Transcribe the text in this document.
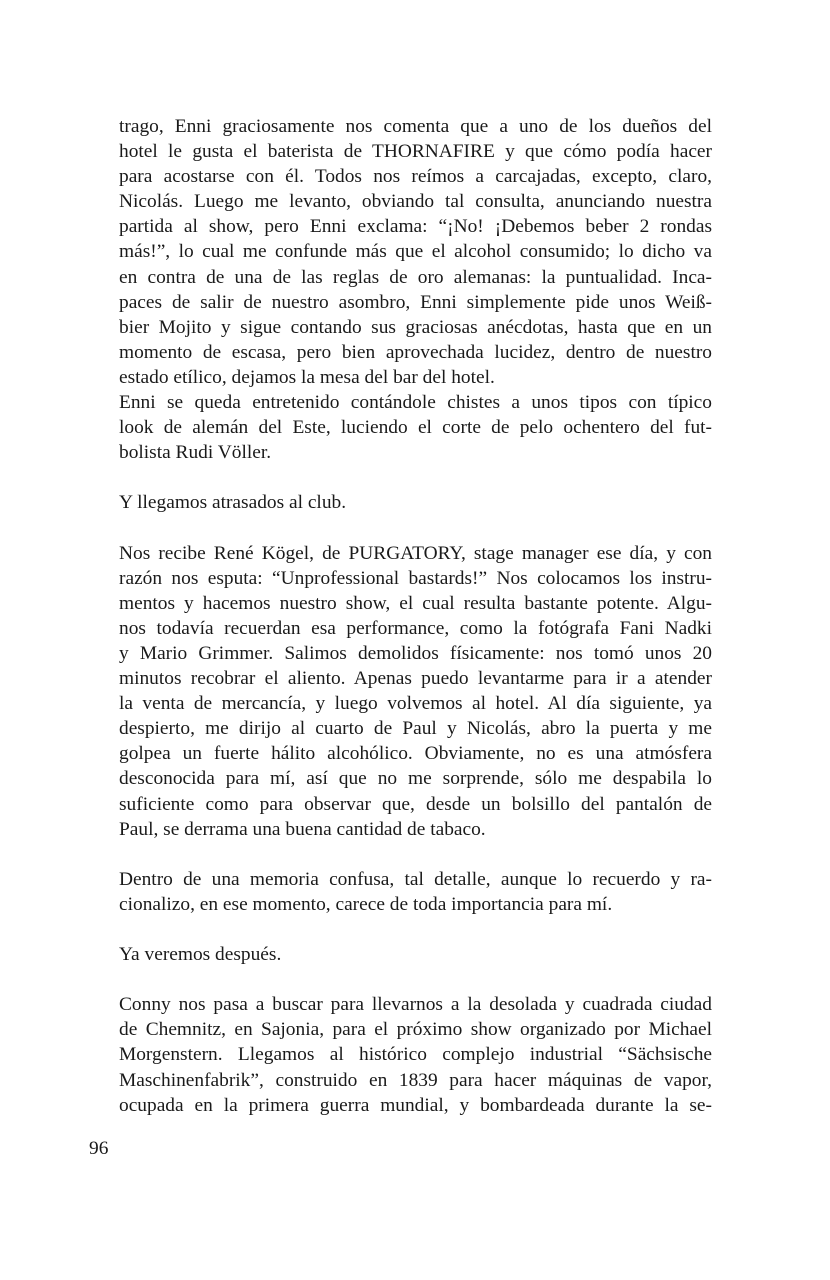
trago, Enni graciosamente nos comenta que a uno de los dueños del
hotel le gusta el baterista de THORNAFIRE y que cómo podía hacer
para acostarse con él. Todos nos reímos a carcajadas, excepto, claro,
Nicolás. Luego me levanto, obviando tal consulta, anunciando nuestra
partida al show, pero Enni exclama: “¡No! ¡Debemos beber 2 rondas
más!”, lo cual me confunde más que el alcohol consumido; lo dicho va
en contra de una de las reglas de oro alemanas: la puntualidad. Inca-
paces de salir de nuestro asombro, Enni simplemente pide unos Weiß-
bier Mojito y sigue contando sus graciosas anécdotas, hasta que en un
momento de escasa, pero bien aprovechada lucidez, dentro de nuestro
estado etílico, dejamos la mesa del bar del hotel.

Enni se queda entretenido contándole chistes a unos tipos con típico
look de alemán del Este, luciendo el corte de pelo ochentero del fut-
bolista Rudi Völler.

Y llegamos atrasados al club.

Nos recibe René Kögel, de PURGATORY, stage manager ese día, y con
razón nos esputa: “Unprofessional bastards!” Nos colocamos los instru-
mentos y hacemos nuestro show, el cual resulta bastante potente. Algu-
nos todavía recuerdan esa performance, como la fotógrafa Fani Nadki
y Mario Grimmer. Salimos demolidos físicamente: nos tomó unos 20
minutos recobrar el aliento. Apenas puedo levantarme para ir a atender
la venta de mercancía, y luego volvemos al hotel. Al día siguiente, ya
despierto, me dirijo al cuarto de Paul y Nicolás, abro la puerta y me
golpea un fuerte hálito alcohólico. Obviamente, no es una atmósfera
desconocida para mí, así que no me sorprende, sólo me despabila lo
suficiente como para observar que, desde un bolsillo del pantalón de
Paul, se derrama una buena cantidad de tabaco.

Dentro de una memoria confusa, tal detalle, aunque lo recuerdo y ra-
cionalizo, en ese momento, carece de toda importancia para mí.

Ya veremos después.

Conny nos pasa a buscar para llevarnos a la desolada y cuadrada ciudad
de Chemnitz, en Sajonia, para el próximo show organizado por Michael
Morgenstern. Llegamos al histórico complejo industrial “Sächsische
Maschinenfabrik”, construido en 1839 para hacer máquinas de vapor,
ocupada en la primera guerra mundial, y bombardeada durante la se-

96
